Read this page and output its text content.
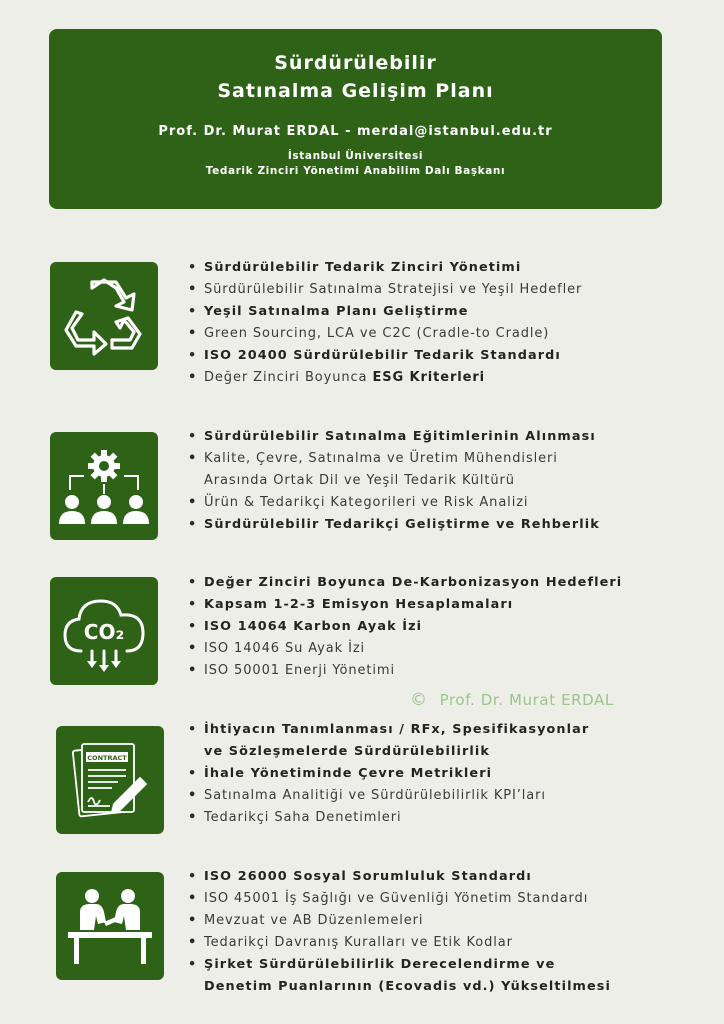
Sürdürülebilir
Satınalma Gelişim Planı
Prof. Dr. Murat ERDAL - merdal@istanbul.edu.tr
İstanbul Üniversitesi
Tedarik Zinciri Yönetimi Anabilim Dalı Başkanı
• Sürdürülebilir Tedarik Zinciri Yönetimi
• Sürdürülebilir Satınalma Stratejisi ve Yeşil Hedefler
• Yeşil Satınalma Planı Geliştirme
• Green Sourcing, LCA ve C2C (Cradle-to Cradle)
• ISO 20400 Sürdürülebilir Tedarik Standardı
• Değer Zinciri Boyunca ESG Kriterleri
• Sürdürülebilir Satınalma Eğitimlerinin Alınması
• Kalite, Çevre, Satınalma ve Üretim Mühendisleri
Arasında Ortak Dil ve Yeşil Tedarik Kültürü
• Ürün & Tedarikçi Kategorileri ve Risk Analizi
• Sürdürülebilir Tedarikçi Geliştirme ve Rehberlik
CO₂
• Değer Zinciri Boyunca De-Karbonizasyon Hedefleri
• Kapsam 1-2-3 Emisyon Hesaplamaları
• ISO 14064 Karbon Ayak İzi
• ISO 14046 Su Ayak İzi
• ISO 50001 Enerji Yönetimi
© Prof. Dr. Murat ERDAL
CONTRACT
• İhtiyacın Tanımlanması / RFx, Spesifikasyonlar
ve Sözleşmelerde Sürdürülebilirlik
• İhale Yönetiminde Çevre Metrikleri
• Satınalma Analitiği ve Sürdürülebilirlik KPI’ları
• Tedarikçi Saha Denetimleri
• ISO 26000 Sosyal Sorumluluk Standardı
• ISO 45001 İş Sağlığı ve Güvenliği Yönetim Standardı
• Mevzuat ve AB Düzenlemeleri
• Tedarikçi Davranış Kuralları ve Etik Kodlar
• Şirket Sürdürülebilirlik Derecelendirme ve
Denetim Puanlarının (Ecovadis vd.) Yükseltilmesi
